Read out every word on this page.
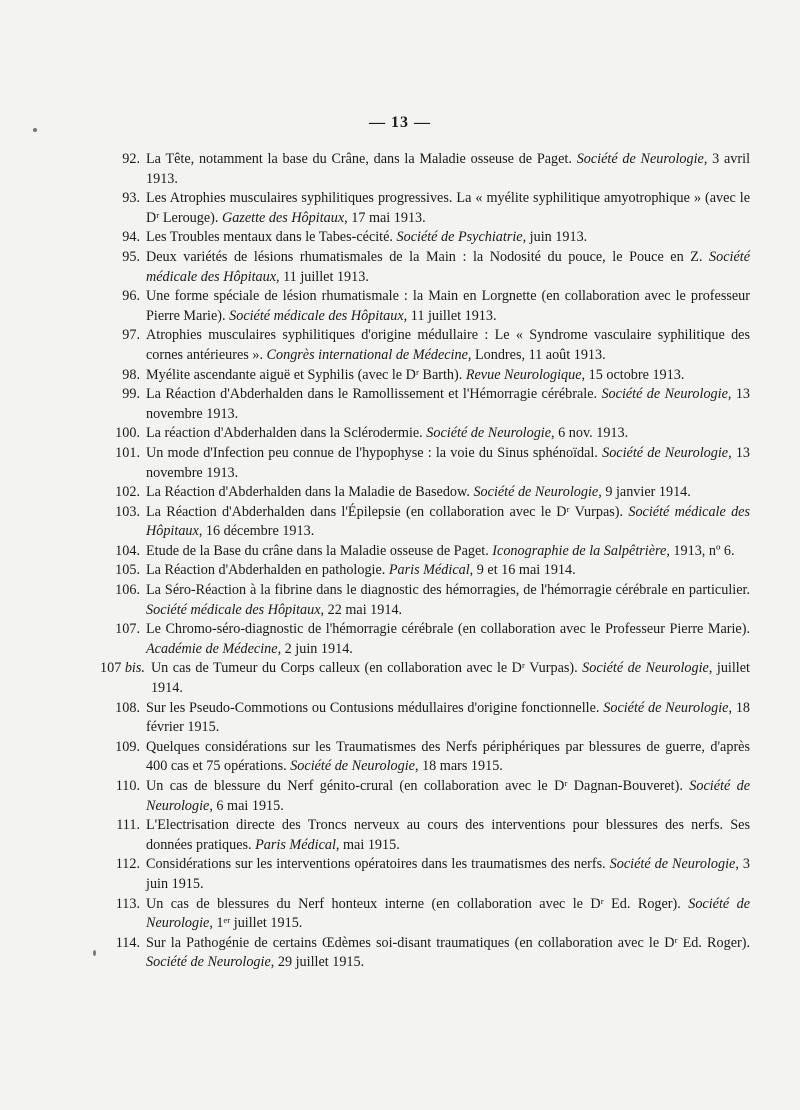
— 13 —
92. La Tête, notamment la base du Crâne, dans la Maladie osseuse de Paget. Société de Neurologie, 3 avril 1913.
93. Les Atrophies musculaires syphilitiques progressives. La « myélite syphilitique amyotrophique » (avec le Dʳ Lerouge). Gazette des Hôpitaux, 17 mai 1913.
94. Les Troubles mentaux dans le Tabes-cécité. Société de Psychiatrie, juin 1913.
95. Deux variétés de lésions rhumatismales de la Main : la Nodosité du pouce, le Pouce en Z. Société médicale des Hôpitaux, 11 juillet 1913.
96. Une forme spéciale de lésion rhumatismale : la Main en Lorgnette (en collaboration avec le professeur Pierre Marie). Société médicale des Hôpitaux, 11 juillet 1913.
97. Atrophies musculaires syphilitiques d'origine médullaire : Le « Syndrome vasculaire syphilitique des cornes antérieures ». Congrès international de Médecine, Londres, 11 août 1913.
98. Myélite ascendante aiguë et Syphilis (avec le Dʳ Barth). Revue Neurologique, 15 octobre 1913.
99. La Réaction d'Abderhalden dans le Ramollissement et l'Hémorragie cérébrale. Société de Neurologie, 13 novembre 1913.
100. La réaction d'Abderhalden dans la Sclérodermie. Société de Neurologie, 6 nov. 1913.
101. Un mode d'Infection peu connue de l'hypophyse : la voie du Sinus sphénoïdal. Société de Neurologie, 13 novembre 1913.
102. La Réaction d'Abderhalden dans la Maladie de Basedow. Société de Neurologie, 9 janvier 1914.
103. La Réaction d'Abderhalden dans l'Épilepsie (en collaboration avec le Dʳ Vurpas). Société médicale des Hôpitaux, 16 décembre 1913.
104. Etude de la Base du crâne dans la Maladie osseuse de Paget. Iconographie de la Salpêtrière, 1913, nº 6.
105. La Réaction d'Abderhalden en pathologie. Paris Médical, 9 et 16 mai 1914.
106. La Séro-Réaction à la fibrine dans le diagnostic des hémorragies, de l'hémorragie cérébrale en particulier. Société médicale des Hôpitaux, 22 mai 1914.
107. Le Chromo-séro-diagnostic de l'hémorragie cérébrale (en collaboration avec le Professeur Pierre Marie). Académie de Médecine, 2 juin 1914.
107 bis. Un cas de Tumeur du Corps calleux (en collaboration avec le Dʳ Vurpas). Société de Neurologie, juillet 1914.
108. Sur les Pseudo-Commotions ou Contusions médullaires d'origine fonctionnelle. Société de Neurologie, 18 février 1915.
109. Quelques considérations sur les Traumatismes des Nerfs périphériques par blessures de guerre, d'après 400 cas et 75 opérations. Société de Neurologie, 18 mars 1915.
110. Un cas de blessure du Nerf génito-crural (en collaboration avec le Dʳ Dagnan-Bouveret). Société de Neurologie, 6 mai 1915.
111. L'Electrisation directe des Troncs nerveux au cours des interventions pour blessures des nerfs. Ses données pratiques. Paris Médical, mai 1915.
112. Considérations sur les interventions opératoires dans les traumatismes des nerfs. Société de Neurologie, 3 juin 1915.
113. Un cas de blessures du Nerf honteux interne (en collaboration avec le Dʳ Ed. Roger). Société de Neurologie, 1ᵉʳ juillet 1915.
114. Sur la Pathogénie de certains Œdèmes soi-disant traumatiques (en collaboration avec le Dʳ Ed. Roger). Société de Neurologie, 29 juillet 1915.
